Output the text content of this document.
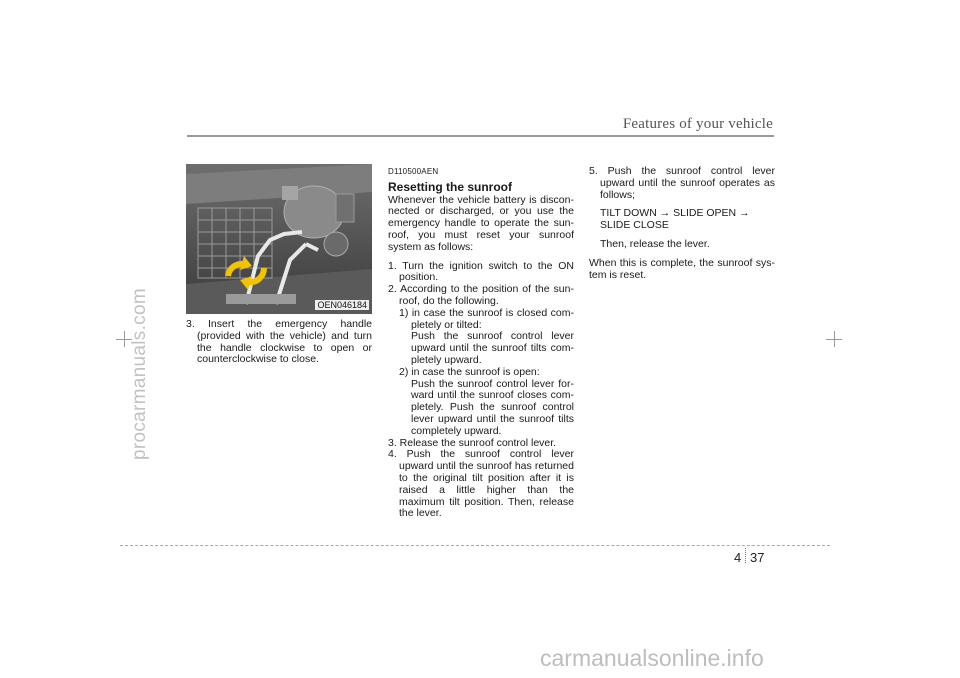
procarmanuals.com
Features of your vehicle
OEN046184

3. Insert the emergency handle (provided with the vehicle) and turn the handle clockwise to open or counterclockwise to close.

D110500AEN

Resetting the sunroof

Whenever the vehicle battery is disconnected or discharged, or you use the emergency handle to operate the sunroof, you must reset your sunroof system as follows:

1. Turn the ignition switch to the ON position.

2. According to the position of the sunroof, do the following.

1) in case the sunroof is closed completely or tilted:

Push the sunroof control lever upward until the sunroof tilts completely upward.

2) in case the sunroof is open:

Push the sunroof control lever forward until the sunroof closes completely. Push the sunroof control lever upward until the sunroof tilts completely upward.

3. Release the sunroof control lever.

4. Push the sunroof control lever upward until the sunroof has returned to the original tilt position after it is raised a little higher than the maximum tilt position. Then, release the lever.

5. Push the sunroof control lever upward until the sunroof operates as follows;

TILT DOWN → SLIDE OPEN → SLIDE CLOSE

Then, release the lever.

When this is complete, the sunroof system is reset.

4 37
carmanualsonline.info
